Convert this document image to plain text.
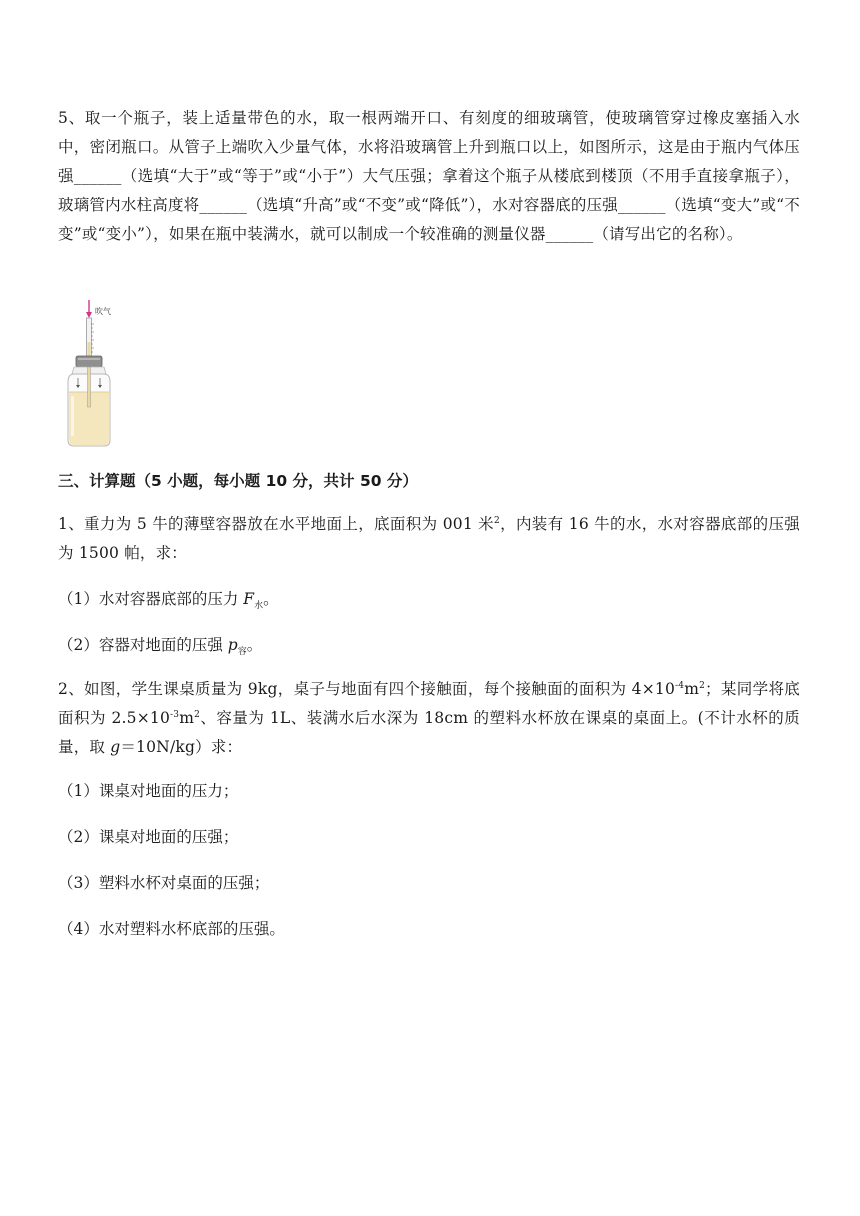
5、取一个瓶子，装上适量带色的水，取一根两端开口、有刻度的细玻璃管，使玻璃管穿过橡皮塞插入水中，密闭瓶口。从管子上端吹入少量气体，水将沿玻璃管上升到瓶口以上，如图所示，这是由于瓶内气体压强______（选填“大于”或“等于”或“小于”）大气压强；拿着这个瓶子从楼底到楼顶（不用手直接拿瓶子），玻璃管内水柱高度将______（选填“升高”或“不变”或“降低”），水对容器底的压强______（选填“变大”或“不变”或“变小”），如果在瓶中装满水，就可以制成一个较准确的测量仪器______（请写出它的名称）。

吹气

三、计算题（5 小题，每小题 10 分，共计 50 分）

1、重力为 5 牛的薄壁容器放在水平地面上，底面积为 001 米$^2$，内装有 16 牛的水，水对容器底部的压强为 1500 帕，求：

（1）水对容器底部的压力 $F_水$。

（2）容器对地面的压强 $p_容$。

2、如图，学生课桌质量为 9kg，桌子与地面有四个接触面，每个接触面的面积为 $4\times 10^{-4}m^2$；某同学将底面积为 $2.5\times 10^{-3}m^2$、容量为 1L、装满水后水深为 18cm 的塑料水杯放在课桌的桌面上。(不计水杯的质量，取 g＝10N/kg）求：

（1）课桌对地面的压力；

（2）课桌对地面的压强；

（3）塑料水杯对桌面的压强；

（4）水对塑料水杯底部的压强。
